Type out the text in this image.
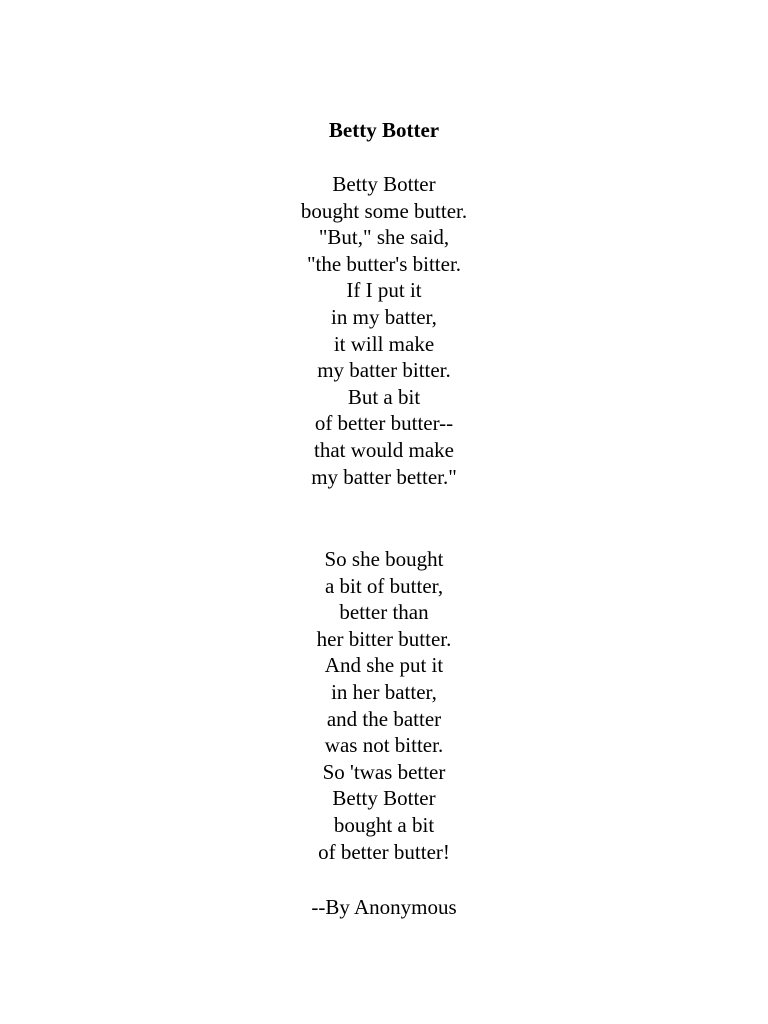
Betty Botter
Betty Botter
bought some butter.
"But," she said,
"the butter's bitter.
If I put it
in my batter,
it will make
my batter bitter.
But a bit
of better butter--
that would make
my batter better."
So she bought
a bit of butter,
better than
her bitter butter.
And she put it
in her batter,
and the batter
was not bitter.
So 'twas better
Betty Botter
bought a bit
of better butter!
--By Anonymous
